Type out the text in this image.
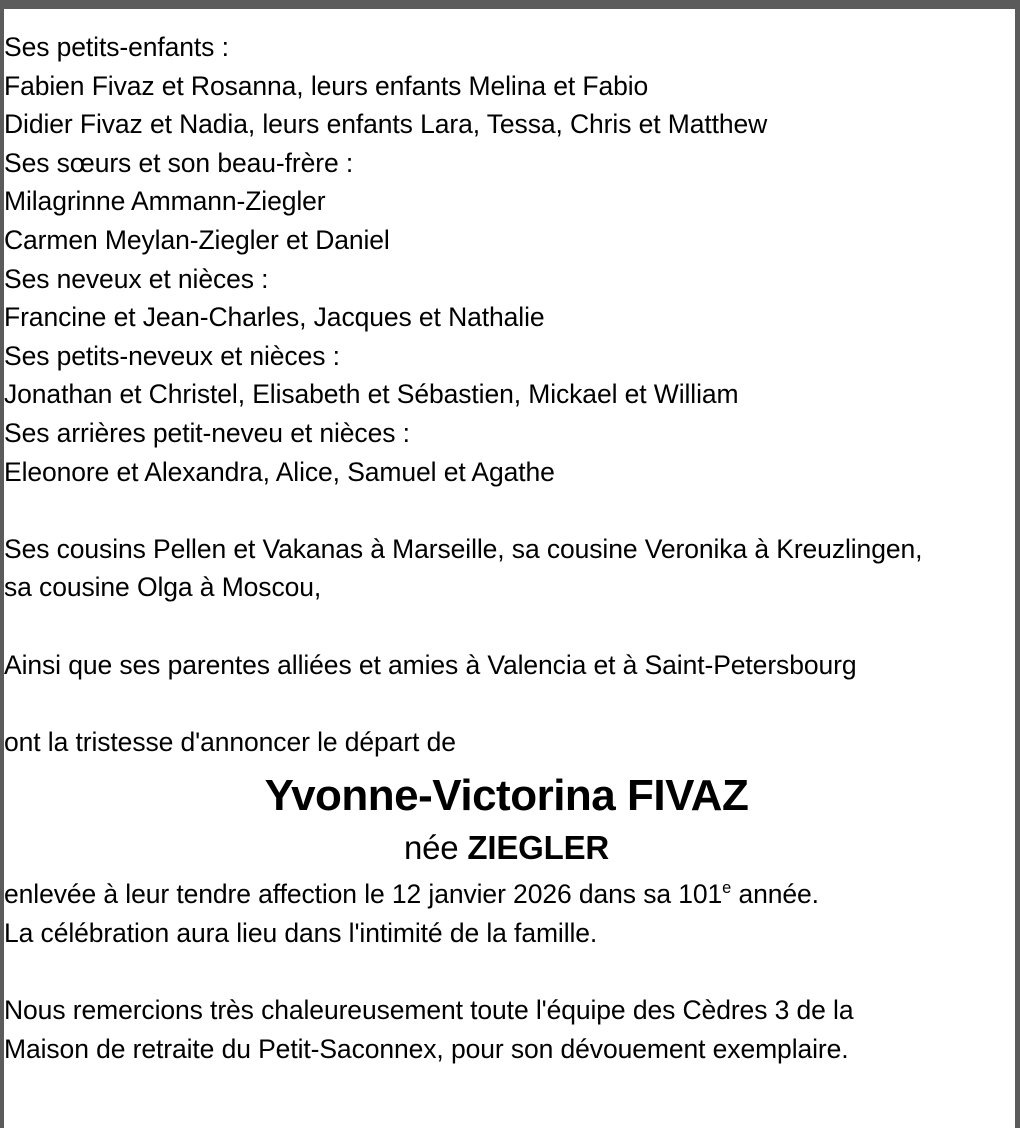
Ses petits-enfants :
Fabien Fivaz et Rosanna, leurs enfants Melina et Fabio
Didier Fivaz et Nadia, leurs enfants Lara, Tessa, Chris et Matthew
Ses sœurs et son beau-frère :
Milagrinne Ammann-Ziegler
Carmen Meylan-Ziegler et Daniel
Ses neveux et nièces :
Francine et Jean-Charles, Jacques et Nathalie
Ses petits-neveux et nièces :
Jonathan et Christel, Elisabeth et Sébastien, Mickael et William
Ses arrières petit-neveu et nièces :
Eleonore et Alexandra, Alice, Samuel et Agathe
Ses cousins Pellen et Vakanas à Marseille, sa cousine Veronika à Kreuzlingen,
sa cousine Olga à Moscou,
Ainsi que ses parentes alliées et amies à Valencia et à Saint-Petersbourg
ont la tristesse d'annoncer le départ de
Yvonne-Victorina FIVAZ
née ZIEGLER
enlevée à leur tendre affection le 12 janvier 2026 dans sa 101e année.
La célébration aura lieu dans l'intimité de la famille.
Nous remercions très chaleureusement toute l'équipe des Cèdres 3 de la
Maison de retraite du Petit-Saconnex, pour son dévouement exemplaire.
